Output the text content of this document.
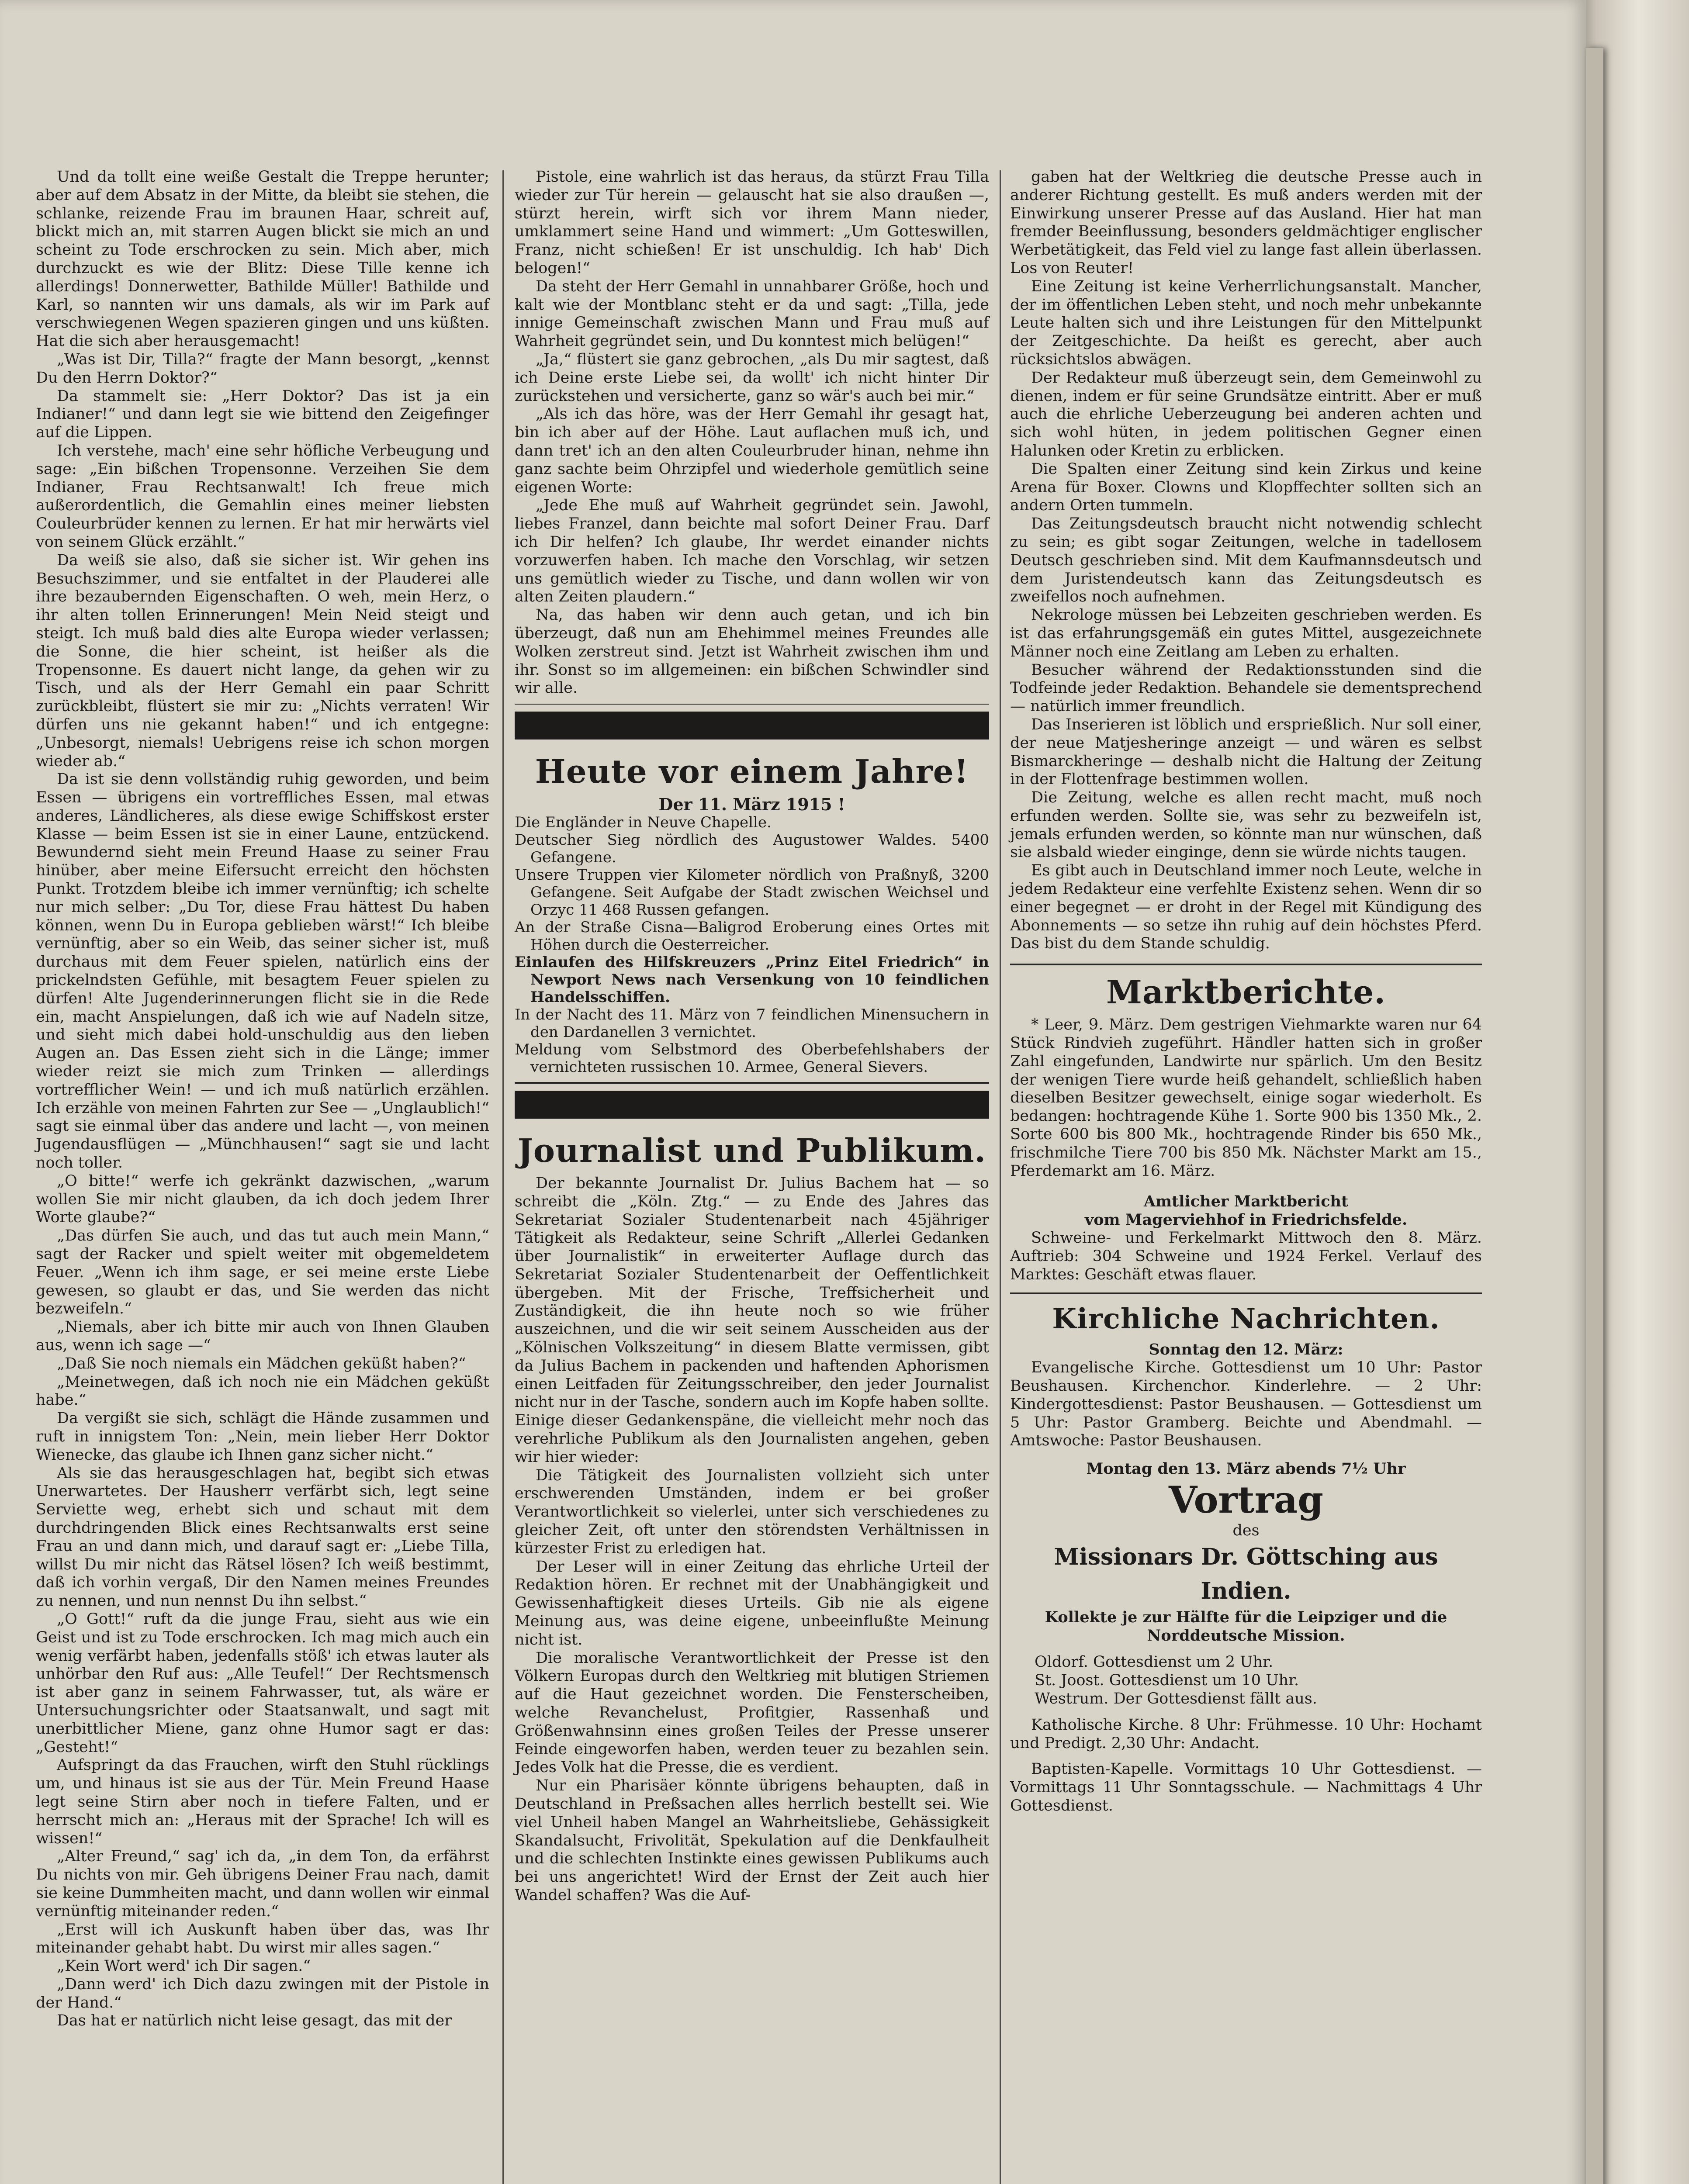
Und da tollt eine weiße Gestalt die Treppe herunter; aber auf dem Absatz in der Mitte, da bleibt sie stehen, die schlanke, reizende Frau im braunen Haar, schreit auf, blickt mich an, mit starren Augen blickt sie mich an und scheint zu Tode erschrocken zu sein. Mich aber, mich durchzuckt es wie der Blitz: Diese Tille kenne ich allerdings! Donnerwetter, Bathilde Müller! Bathilde und Karl, so nannten wir uns damals, als wir im Park auf verschwiegenen Wegen spazieren gingen und uns küßten. Hat die sich aber herausgemacht!

„Was ist Dir, Tilla?“ fragte der Mann besorgt, „kennst Du den Herrn Doktor?“

Da stammelt sie: „Herr Doktor? Das ist ja ein Indianer!“ und dann legt sie wie bittend den Zeigefinger auf die Lippen.

Ich verstehe, mach' eine sehr höfliche Verbeugung und sage: „Ein bißchen Tropensonne. Verzeihen Sie dem Indianer, Frau Rechtsanwalt! Ich freue mich außerordentlich, die Gemahlin eines meiner liebsten Couleurbrüder kennen zu lernen. Er hat mir herwärts viel von seinem Glück erzählt.“

Da weiß sie also, daß sie sicher ist. Wir gehen ins Besuchszimmer, und sie entfaltet in der Plauderei alle ihre bezaubernden Eigenschaften. O weh, mein Herz, o ihr alten tollen Erinnerungen! Mein Neid steigt und steigt. Ich muß bald dies alte Europa wieder verlassen; die Sonne, die hier scheint, ist heißer als die Tropensonne. Es dauert nicht lange, da gehen wir zu Tisch, und als der Herr Gemahl ein paar Schritt zurückbleibt, flüstert sie mir zu: „Nichts verraten! Wir dürfen uns nie gekannt haben!“ und ich entgegne: „Unbesorgt, niemals! Uebrigens reise ich schon morgen wieder ab.“

Da ist sie denn vollständig ruhig geworden, und beim Essen — übrigens ein vortreffliches Essen, mal etwas anderes, Ländlicheres, als diese ewige Schiffskost erster Klasse — beim Essen ist sie in einer Laune, entzückend. Bewundernd sieht mein Freund Haase zu seiner Frau hinüber, aber meine Eifersucht erreicht den höchsten Punkt. Trotzdem bleibe ich immer vernünftig; ich schelte nur mich selber: „Du Tor, diese Frau hättest Du haben können, wenn Du in Europa geblieben wärst!“ Ich bleibe vernünftig, aber so ein Weib, das seiner sicher ist, muß durchaus mit dem Feuer spielen, natürlich eins der prickelndsten Gefühle, mit besagtem Feuer spielen zu dürfen! Alte Jugenderinnerungen flicht sie in die Rede ein, macht Anspielungen, daß ich wie auf Nadeln sitze, und sieht mich dabei hold-unschuldig aus den lieben Augen an. Das Essen zieht sich in die Länge; immer wieder reizt sie mich zum Trinken — allerdings vortrefflicher Wein! — und ich muß natürlich erzählen. Ich erzähle von meinen Fahrten zur See — „Unglaublich!“ sagt sie einmal über das andere und lacht —, von meinen Jugendausflügen — „Münchhausen!“ sagt sie und lacht noch toller.

„O bitte!“ werfe ich gekränkt dazwischen, „warum wollen Sie mir nicht glauben, da ich doch jedem Ihrer Worte glaube?“

„Das dürfen Sie auch, und das tut auch mein Mann,“ sagt der Racker und spielt weiter mit obgemeldetem Feuer. „Wenn ich ihm sage, er sei meine erste Liebe gewesen, so glaubt er das, und Sie werden das nicht bezweifeln.“

„Niemals, aber ich bitte mir auch von Ihnen Glauben aus, wenn ich sage —“

„Daß Sie noch niemals ein Mädchen geküßt haben?“

„Meinetwegen, daß ich noch nie ein Mädchen geküßt habe.“

Da vergißt sie sich, schlägt die Hände zusammen und ruft in innigstem Ton: „Nein, mein lieber Herr Doktor Wienecke, das glaube ich Ihnen ganz sicher nicht.“

Als sie das herausgeschlagen hat, begibt sich etwas Unerwartetes. Der Hausherr verfärbt sich, legt seine Serviette weg, erhebt sich und schaut mit dem durchdringenden Blick eines Rechtsanwalts erst seine Frau an und dann mich, und darauf sagt er: „Liebe Tilla, willst Du mir nicht das Rätsel lösen? Ich weiß bestimmt, daß ich vorhin vergaß, Dir den Namen meines Freundes zu nennen, und nun nennst Du ihn selbst.“

„O Gott!“ ruft da die junge Frau, sieht aus wie ein Geist und ist zu Tode erschrocken. Ich mag mich auch ein wenig verfärbt haben, jedenfalls stöß' ich etwas lauter als unhörbar den Ruf aus: „Alle Teufel!“ Der Rechtsmensch ist aber ganz in seinem Fahrwasser, tut, als wäre er Untersuchungsrichter oder Staatsanwalt, und sagt mit unerbittlicher Miene, ganz ohne Humor sagt er das: „Gesteht!“

Aufspringt da das Frauchen, wirft den Stuhl rücklings um, und hinaus ist sie aus der Tür. Mein Freund Haase legt seine Stirn aber noch in tiefere Falten, und er herrscht mich an: „Heraus mit der Sprache! Ich will es wissen!“

„Alter Freund,“ sag' ich da, „in dem Ton, da erfährst Du nichts von mir. Geh übrigens Deiner Frau nach, damit sie keine Dummheiten macht, und dann wollen wir einmal vernünftig miteinander reden.“

„Erst will ich Auskunft haben über das, was Ihr miteinander gehabt habt. Du wirst mir alles sagen.“

„Kein Wort werd' ich Dir sagen.“

„Dann werd' ich Dich dazu zwingen mit der Pistole in der Hand.“

Das hat er natürlich nicht leise gesagt, das mit der

Pistole, eine wahrlich ist das heraus, da stürzt Frau Tilla wieder zur Tür herein — gelauscht hat sie also draußen —, stürzt herein, wirft sich vor ihrem Mann nieder, umklammert seine Hand und wimmert: „Um Gotteswillen, Franz, nicht schießen! Er ist unschuldig. Ich hab' Dich belogen!“

Da steht der Herr Gemahl in unnahbarer Größe, hoch und kalt wie der Montblanc steht er da und sagt: „Tilla, jede innige Gemeinschaft zwischen Mann und Frau muß auf Wahrheit gegründet sein, und Du konntest mich belügen!“

„Ja,“ flüstert sie ganz gebrochen, „als Du mir sagtest, daß ich Deine erste Liebe sei, da wollt' ich nicht hinter Dir zurückstehen und versicherte, ganz so wär's auch bei mir.“

„Als ich das höre, was der Herr Gemahl ihr gesagt hat, bin ich aber auf der Höhe. Laut auflachen muß ich, und dann tret' ich an den alten Couleurbruder hinan, nehme ihn ganz sachte beim Ohrzipfel und wiederhole gemütlich seine eigenen Worte:

„Jede Ehe muß auf Wahrheit gegründet sein. Jawohl, liebes Franzel, dann beichte mal sofort Deiner Frau. Darf ich Dir helfen? Ich glaube, Ihr werdet einander nichts vorzuwerfen haben. Ich mache den Vorschlag, wir setzen uns gemütlich wieder zu Tische, und dann wollen wir von alten Zeiten plaudern.“

Na, das haben wir denn auch getan, und ich bin überzeugt, daß nun am Ehehimmel meines Freundes alle Wolken zerstreut sind. Jetzt ist Wahrheit zwischen ihm und ihr. Sonst so im allgemeinen: ein bißchen Schwindler sind wir alle.

Heute vor einem Jahre!
Der 11. März 1915 !

Die Engländer in Neuve Chapelle.

Deutscher Sieg nördlich des Augustower Waldes. 5400 Gefangene.

Unsere Truppen vier Kilometer nördlich von Praßnyß, 3200 Gefangene. Seit Aufgabe der Stadt zwischen Weichsel und Orzyc 11 468 Russen gefangen.

An der Straße Cisna—Baligrod Eroberung eines Ortes mit Höhen durch die Oesterreicher.

Einlaufen des Hilfskreuzers „Prinz Eitel Friedrich“ in Newport News nach Versenkung von 10 feindlichen Handelsschiffen.

In der Nacht des 11. März von 7 feindlichen Minensuchern in den Dardanellen 3 vernichtet.

Meldung vom Selbstmord des Oberbefehlshabers der vernichteten russischen 10. Armee, General Sievers.

Journalist und Publikum.

Der bekannte Journalist Dr. Julius Bachem hat — so schreibt die „Köln. Ztg.“ — zu Ende des Jahres das Sekretariat Sozialer Studentenarbeit nach 45jähriger Tätigkeit als Redakteur, seine Schrift „Allerlei Gedanken über Journalistik“ in erweiterter Auflage durch das Sekretariat Sozialer Studentenarbeit der Oeffentlichkeit übergeben. Mit der Frische, Treffsicherheit und Zuständigkeit, die ihn heute noch so wie früher auszeichnen, und die wir seit seinem Ausscheiden aus der „Kölnischen Volkszeitung“ in diesem Blatte vermissen, gibt da Julius Bachem in packenden und haftenden Aphorismen einen Leitfaden für Zeitungsschreiber, den jeder Journalist nicht nur in der Tasche, sondern auch im Kopfe haben sollte. Einige dieser Gedankenspäne, die vielleicht mehr noch das verehrliche Publikum als den Journalisten angehen, geben wir hier wieder:

Die Tätigkeit des Journalisten vollzieht sich unter erschwerenden Umständen, indem er bei großer Verantwortlichkeit so vielerlei, unter sich verschiedenes zu gleicher Zeit, oft unter den störendsten Verhältnissen in kürzester Frist zu erledigen hat.

Der Leser will in einer Zeitung das ehrliche Urteil der Redaktion hören. Er rechnet mit der Unabhängigkeit und Gewissenhaftigkeit dieses Urteils. Gib nie als eigene Meinung aus, was deine eigene, unbeeinflußte Meinung nicht ist.

Die moralische Verantwortlichkeit der Presse ist den Völkern Europas durch den Weltkrieg mit blutigen Striemen auf die Haut gezeichnet worden. Die Fensterscheiben, welche Revanchelust, Profitgier, Rassenhaß und Größenwahnsinn eines großen Teiles der Presse unserer Feinde eingeworfen haben, werden teuer zu bezahlen sein. Jedes Volk hat die Presse, die es verdient.

Nur ein Pharisäer könnte übrigens behaupten, daß in Deutschland in Preßsachen alles herrlich bestellt sei. Wie viel Unheil haben Mangel an Wahrheitsliebe, Gehässigkeit Skandalsucht, Frivolität, Spekulation auf die Denkfaulheit und die schlechten Instinkte eines gewissen Publikums auch bei uns angerichtet! Wird der Ernst der Zeit auch hier Wandel schaffen? Was die Auf-

gaben hat der Weltkrieg die deutsche Presse auch in anderer Richtung gestellt. Es muß anders werden mit der Einwirkung unserer Presse auf das Ausland. Hier hat man fremder Beeinflussung, besonders geldmächtiger englischer Werbetätigkeit, das Feld viel zu lange fast allein überlassen. Los von Reuter!

Eine Zeitung ist keine Verherrlichungsanstalt. Mancher, der im öffentlichen Leben steht, und noch mehr unbekannte Leute halten sich und ihre Leistungen für den Mittelpunkt der Zeitgeschichte. Da heißt es gerecht, aber auch rücksichtslos abwägen.

Der Redakteur muß überzeugt sein, dem Gemeinwohl zu dienen, indem er für seine Grundsätze eintritt. Aber er muß auch die ehrliche Ueberzeugung bei anderen achten und sich wohl hüten, in jedem politischen Gegner einen Halunken oder Kretin zu erblicken.

Die Spalten einer Zeitung sind kein Zirkus und keine Arena für Boxer. Clowns und Klopffechter sollten sich an andern Orten tummeln.

Das Zeitungsdeutsch braucht nicht notwendig schlecht zu sein; es gibt sogar Zeitungen, welche in tadellosem Deutsch geschrieben sind. Mit dem Kaufmannsdeutsch und dem Juristendeutsch kann das Zeitungsdeutsch es zweifellos noch aufnehmen.

Nekrologe müssen bei Lebzeiten geschrieben werden. Es ist das erfahrungsgemäß ein gutes Mittel, ausgezeichnete Männer noch eine Zeitlang am Leben zu erhalten.

Besucher während der Redaktionsstunden sind die Todfeinde jeder Redaktion. Behandele sie dementsprechend — natürlich immer freundlich.

Das Inserieren ist löblich und ersprießlich. Nur soll einer, der neue Matjesheringe anzeigt — und wären es selbst Bismarckheringe — deshalb nicht die Haltung der Zeitung in der Flottenfrage bestimmen wollen.

Die Zeitung, welche es allen recht macht, muß noch erfunden werden. Sollte sie, was sehr zu bezweifeln ist, jemals erfunden werden, so könnte man nur wünschen, daß sie alsbald wieder eingingе, denn sie würde nichts taugen.

Es gibt auch in Deutschland immer noch Leute, welche in jedem Redakteur eine verfehlte Existenz sehen. Wenn dir so einer begegnet — er droht in der Regel mit Kündigung des Abonnements — so setze ihn ruhig auf dein höchstes Pferd. Das bist du dem Stande schuldig.

Marktberichte.

* Leer, 9. März. Dem gestrigen Viehmarkte waren nur 64 Stück Rindvieh zugeführt. Händler hatten sich in großer Zahl eingefunden, Landwirte nur spärlich. Um den Besitz der wenigen Tiere wurde heiß gehandelt, schließlich haben dieselben Besitzer gewechselt, einige sogar wiederholt. Es bedangen: hochtragende Kühe 1. Sorte 900 bis 1350 Mk., 2. Sorte 600 bis 800 Mk., hochtragende Rinder bis 650 Mk., frischmilche Tiere 700 bis 850 Mk. Nächster Markt am 15., Pferdemarkt am 16. März.

Amtlicher Marktbericht
vom Magerviehhof in Friedrichsfelde.

Schweine- und Ferkelmarkt Mittwoch den 8. März. Auftrieb: 304 Schweine und 1924 Ferkel. Verlauf des Marktes: Geschäft etwas flauer.

Kirchliche Nachrichten.
Sonntag den 12. März:

Evangelische Kirche. Gottesdienst um 10 Uhr: Pastor Beushausen. Kirchenchor. Kinderlehre. — 2 Uhr: Kindergottesdienst: Pastor Beushausen. — Gottesdienst um 5 Uhr: Pastor Gramberg. Beichte und Abendmahl. — Amtswoche: Pastor Beushausen.

Montag den 13. März abends 7½ Uhr
Vortrag
des
Missionars Dr. Göttsching aus Indien.
Kollekte je zur Hälfte für die Leipziger und die Norddeutsche Mission.

Oldorf. Gottesdienst um 2 Uhr.

St. Joost. Gottesdienst um 10 Uhr.

Westrum. Der Gottesdienst fällt aus.

Katholische Kirche. 8 Uhr: Frühmesse. 10 Uhr: Hochamt und Predigt. 2,30 Uhr: Andacht.

Baptisten-Kapelle. Vormittags 10 Uhr Gottesdienst. — Vormittags 11 Uhr Sonntagsschule. — Nachmittags 4 Uhr Gottesdienst.
